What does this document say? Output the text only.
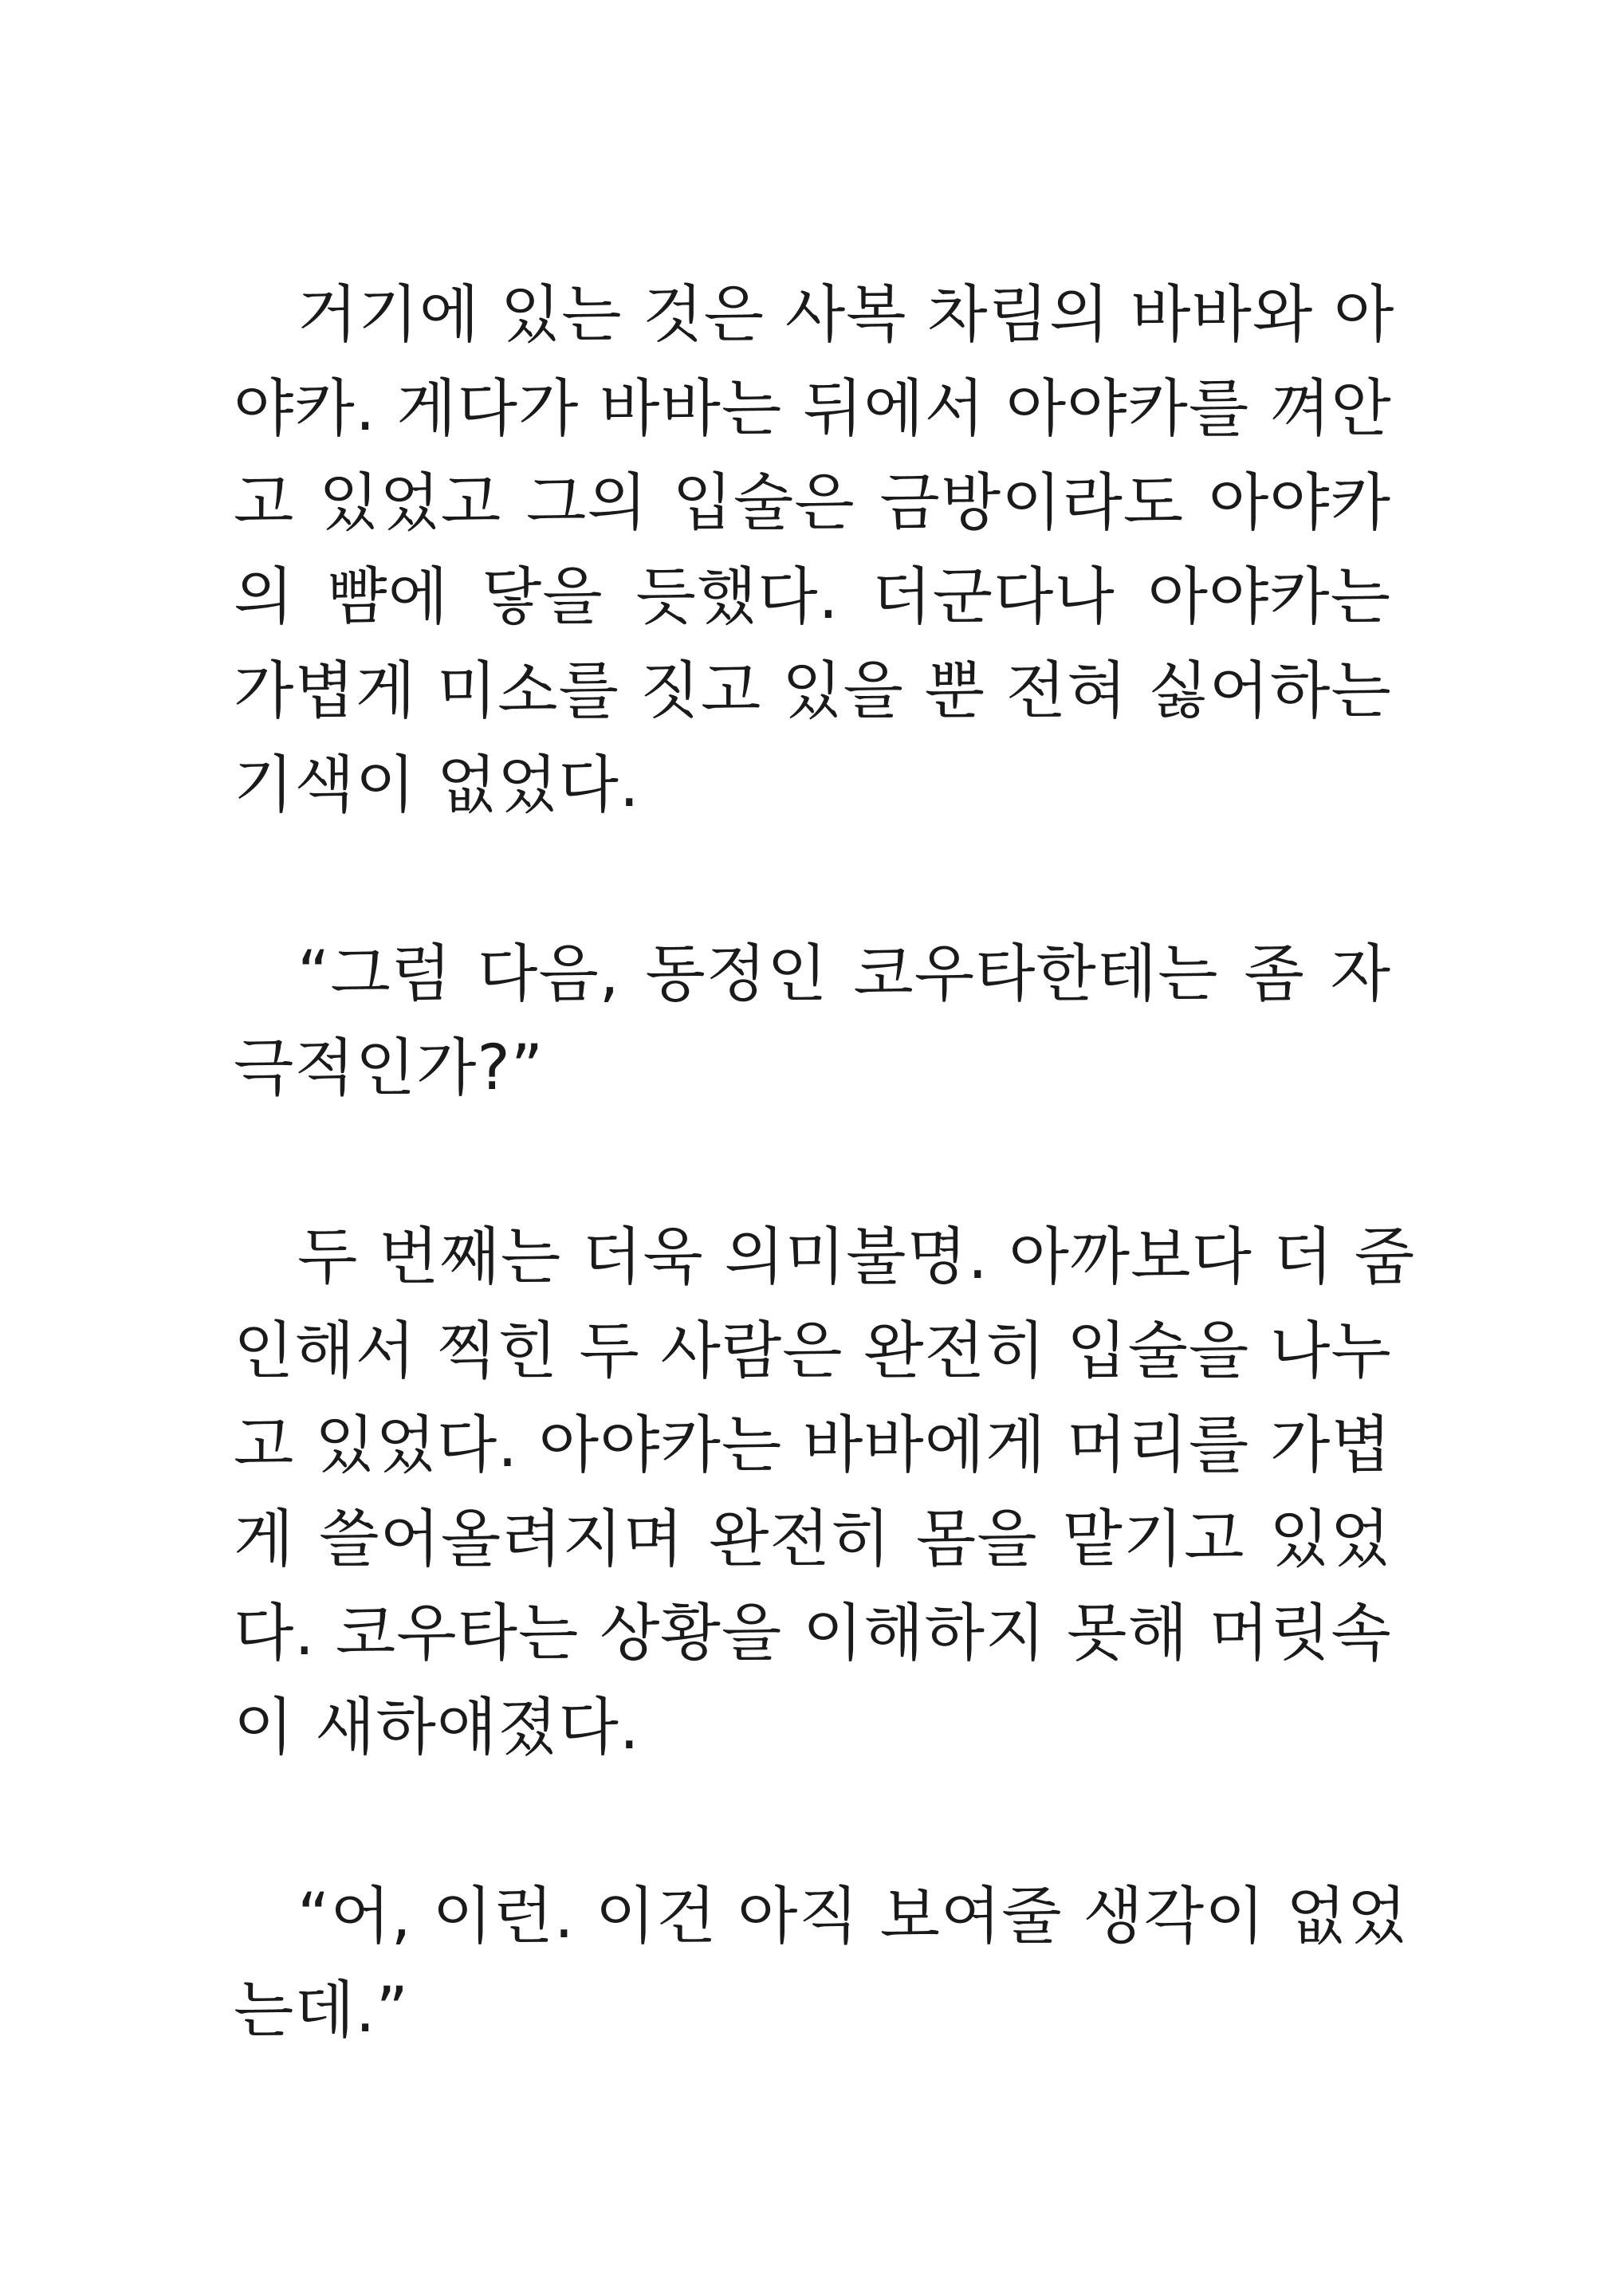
거기에 있는 것은 사복 차림의 바바와 아
야카. 게다가 바바는 뒤에서 아야카를 껴안
고 있었고 그의 입술은 금방이라도 아야카
의 뺨에 닿을 듯했다. 더군다나 아야카는
가볍게 미소를 짓고 있을 뿐 전혀 싫어하는
기색이 없었다.
“그럼 다음, 동정인 코우타한테는 좀 자
극적인가?”
두 번째는 더욱 의미불명. 아까보다 더 줌
인해서 찍힌 두 사람은 완전히 입술을 나누
고 있었다. 아야카는 바바에게 머리를 가볍
게 쓸어올려지며 완전히 몸을 맡기고 있었
다. 코우타는 상황을 이해하지 못해 머릿속
이 새하얘졌다.
“어, 이런. 이건 아직 보여줄 생각이 없었
는데.”
